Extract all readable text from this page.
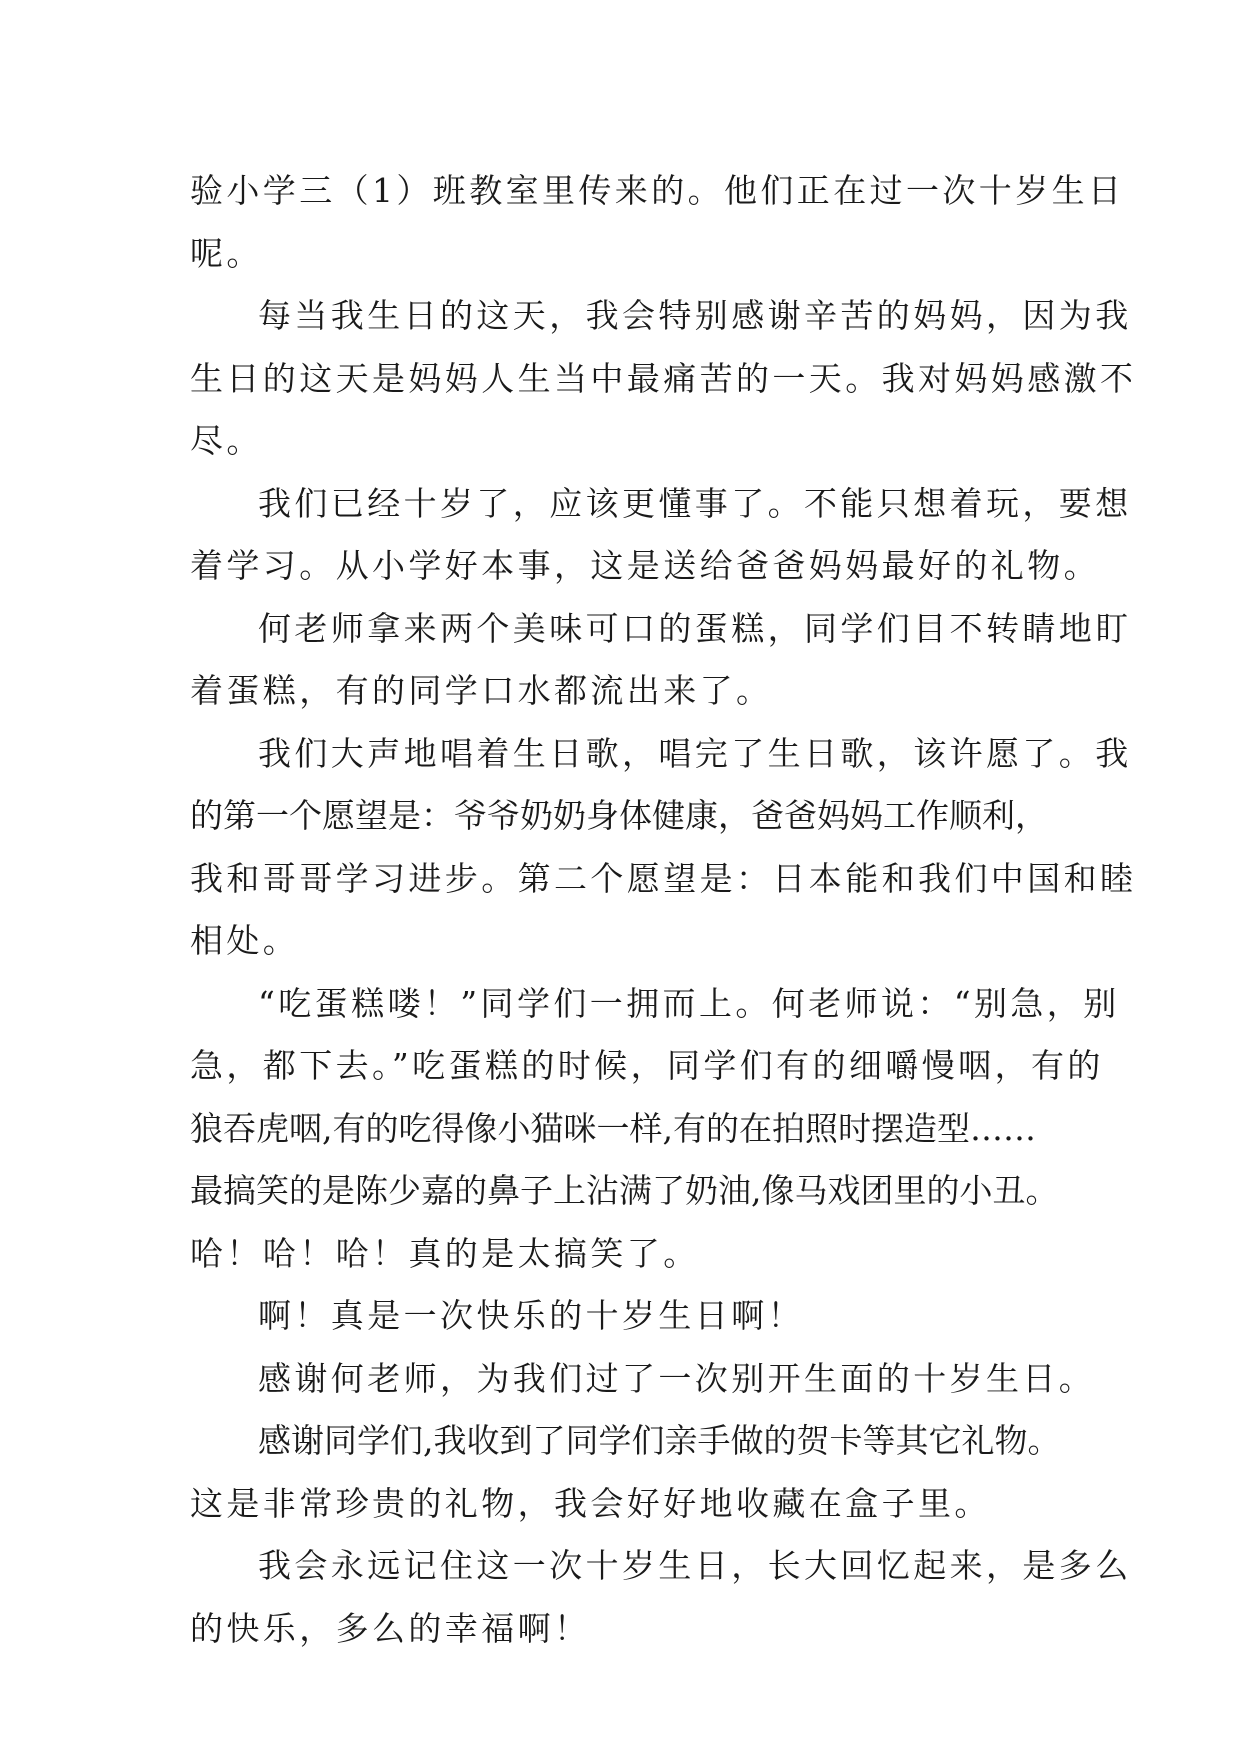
验小学三（1）班教室里传来的。他们正在过一次十岁生日
呢。
每当我生日的这天，我会特别感谢辛苦的妈妈，因为我
生日的这天是妈妈人生当中最痛苦的一天。我对妈妈感激不
尽。
我们已经十岁了，应该更懂事了。不能只想着玩，要想
着学习。从小学好本事，这是送给爸爸妈妈最好的礼物。
何老师拿来两个美味可口的蛋糕，同学们目不转睛地盯
着蛋糕，有的同学口水都流出来了。
我们大声地唱着生日歌，唱完了生日歌，该许愿了。我
的第一个愿望是：爷爷奶奶身体健康，爸爸妈妈工作顺利，
我和哥哥学习进步。第二个愿望是：日本能和我们中国和睦
相处。
“吃蛋糕喽！”同学们一拥而上。何老师说：“别急，别
急，都下去。”吃蛋糕的时候，同学们有的细嚼慢咽，有的
狼吞虎咽,有的吃得像小猫咪一样,有的在拍照时摆造型……
最搞笑的是陈少嘉的鼻子上沾满了奶油,像马戏团里的小丑。
哈！哈！哈！真的是太搞笑了。
啊！真是一次快乐的十岁生日啊！
感谢何老师，为我们过了一次别开生面的十岁生日。
感谢同学们,我收到了同学们亲手做的贺卡等其它礼物。
这是非常珍贵的礼物，我会好好地收藏在盒子里。
我会永远记住这一次十岁生日，长大回忆起来，是多么
的快乐，多么的幸福啊！
